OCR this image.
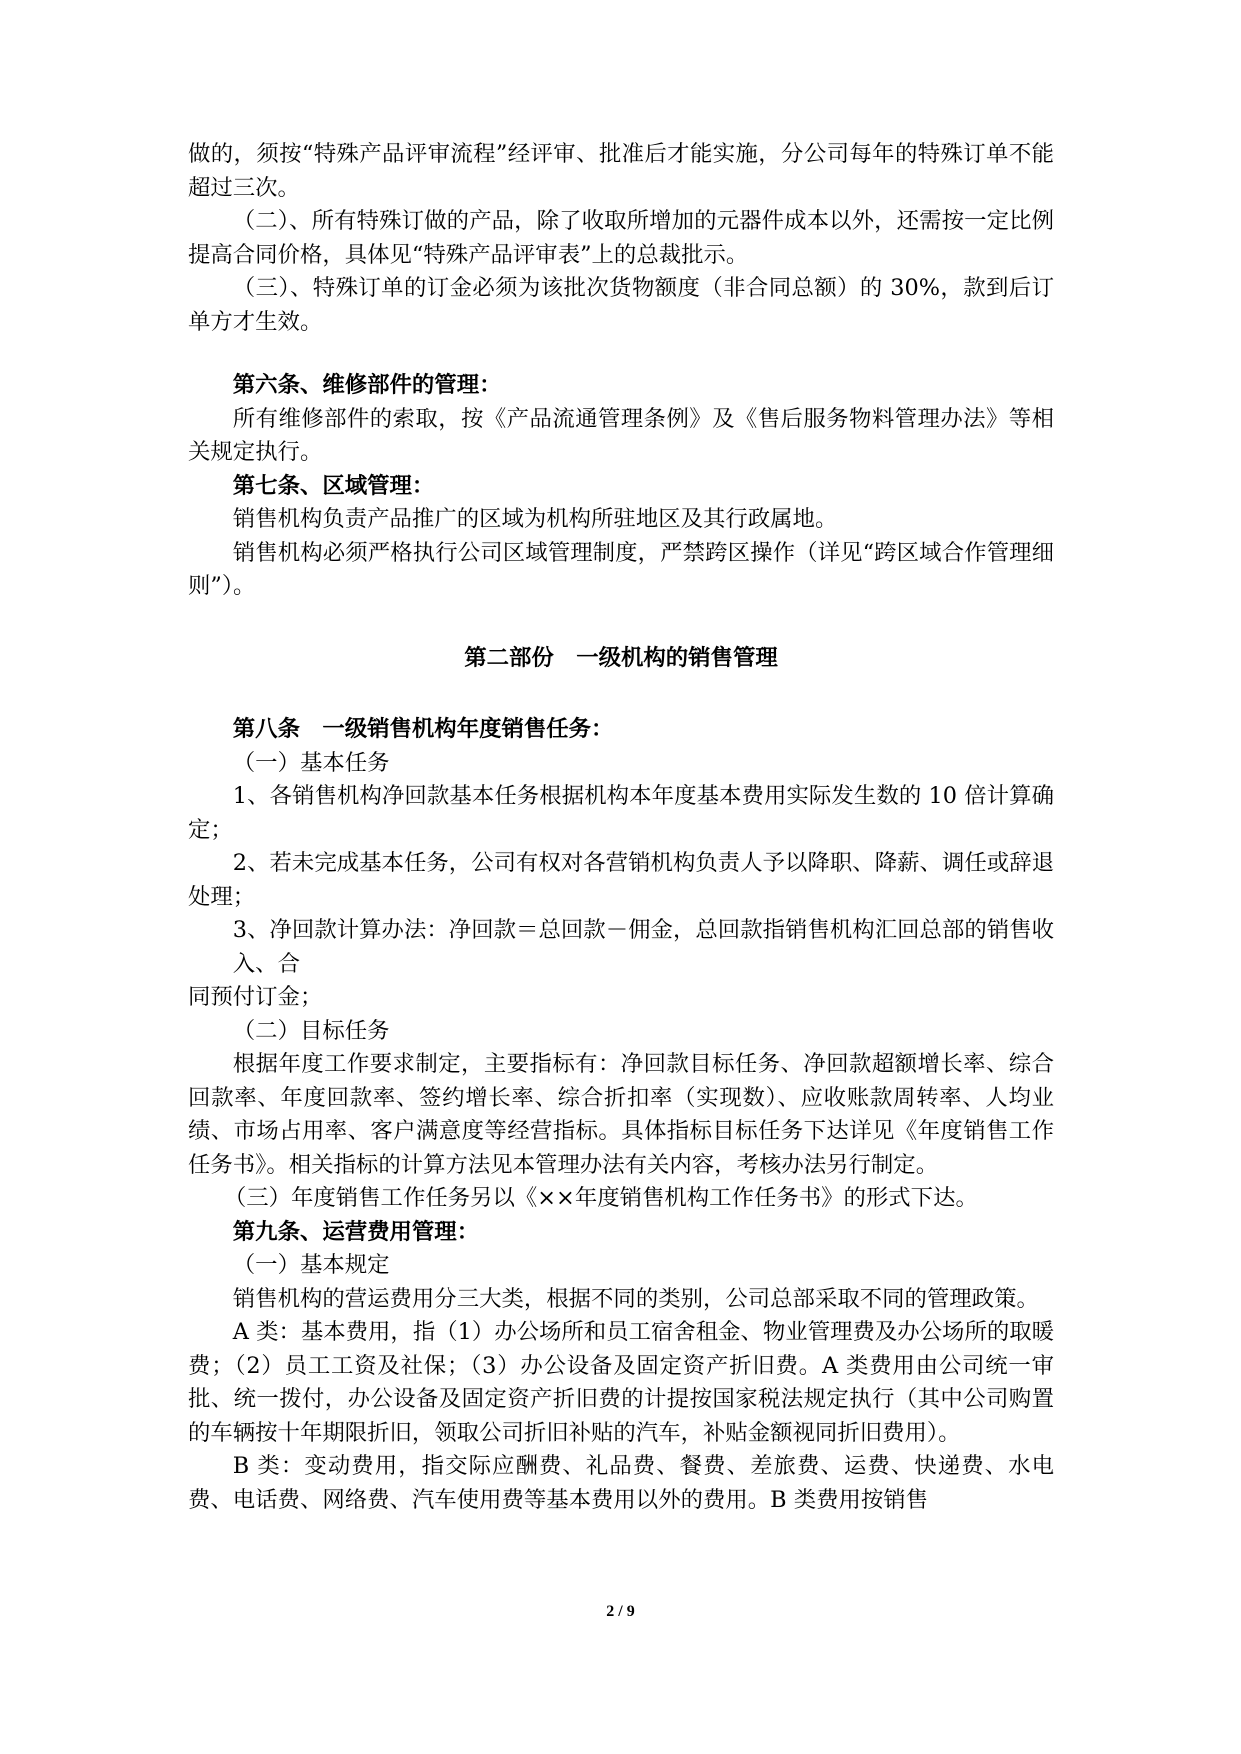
做的，须按“特殊产品评审流程”经评审、批准后才能实施，分公司每年的特殊订单不能超过三次。

（二）、所有特殊订做的产品，除了收取所增加的元器件成本以外，还需按一定比例提高合同价格，具体见“特殊产品评审表”上的总裁批示。

（三）、特殊订单的订金必须为该批次货物额度（非合同总额）的 30%，款到后订单方才生效。

第六条、维修部件的管理：

所有维修部件的索取，按《产品流通管理条例》及《售后服务物料管理办法》等相关规定执行。

第七条、区域管理：

销售机构负责产品推广的区域为机构所驻地区及其行政属地。

销售机构必须严格执行公司区域管理制度，严禁跨区操作（详见“跨区域合作管理细则”）。

第二部份　一级机构的销售管理

第八条　一级销售机构年度销售任务：

（一）基本任务

1、各销售机构净回款基本任务根据机构本年度基本费用实际发生数的 10 倍计算确定；

2、若未完成基本任务，公司有权对各营销机构负责人予以降职、降薪、调任或辞退处理；

3、净回款计算办法：净回款＝总回款－佣金，总回款指销售机构汇回总部的销售收入、合

同预付订金；

（二）目标任务

根据年度工作要求制定，主要指标有：净回款目标任务、净回款超额增长率、综合回款率、年度回款率、签约增长率、综合折扣率（实现数）、应收账款周转率、人均业绩、市场占用率、客户满意度等经营指标。具体指标目标任务下达详见《年度销售工作任务书》。相关指标的计算方法见本管理办法有关内容，考核办法另行制定。

（三）年度销售工作任务另以《××年度销售机构工作任务书》的形式下达。

第九条、运营费用管理：

（一）基本规定

销售机构的营运费用分三大类，根据不同的类别，公司总部采取不同的管理政策。

A 类：基本费用，指（1）办公场所和员工宿舍租金、物业管理费及办公场所的取暖费；（2）员工工资及社保；（3）办公设备及固定资产折旧费。A 类费用由公司统一审批、统一拨付，办公设备及固定资产折旧费的计提按国家税法规定执行（其中公司购置的车辆按十年期限折旧，领取公司折旧补贴的汽车，补贴金额视同折旧费用）。

B 类：变动费用，指交际应酬费、礼品费、餐费、差旅费、运费、快递费、水电费、电话费、网络费、汽车使用费等基本费用以外的费用。B 类费用按销售

2 / 9
